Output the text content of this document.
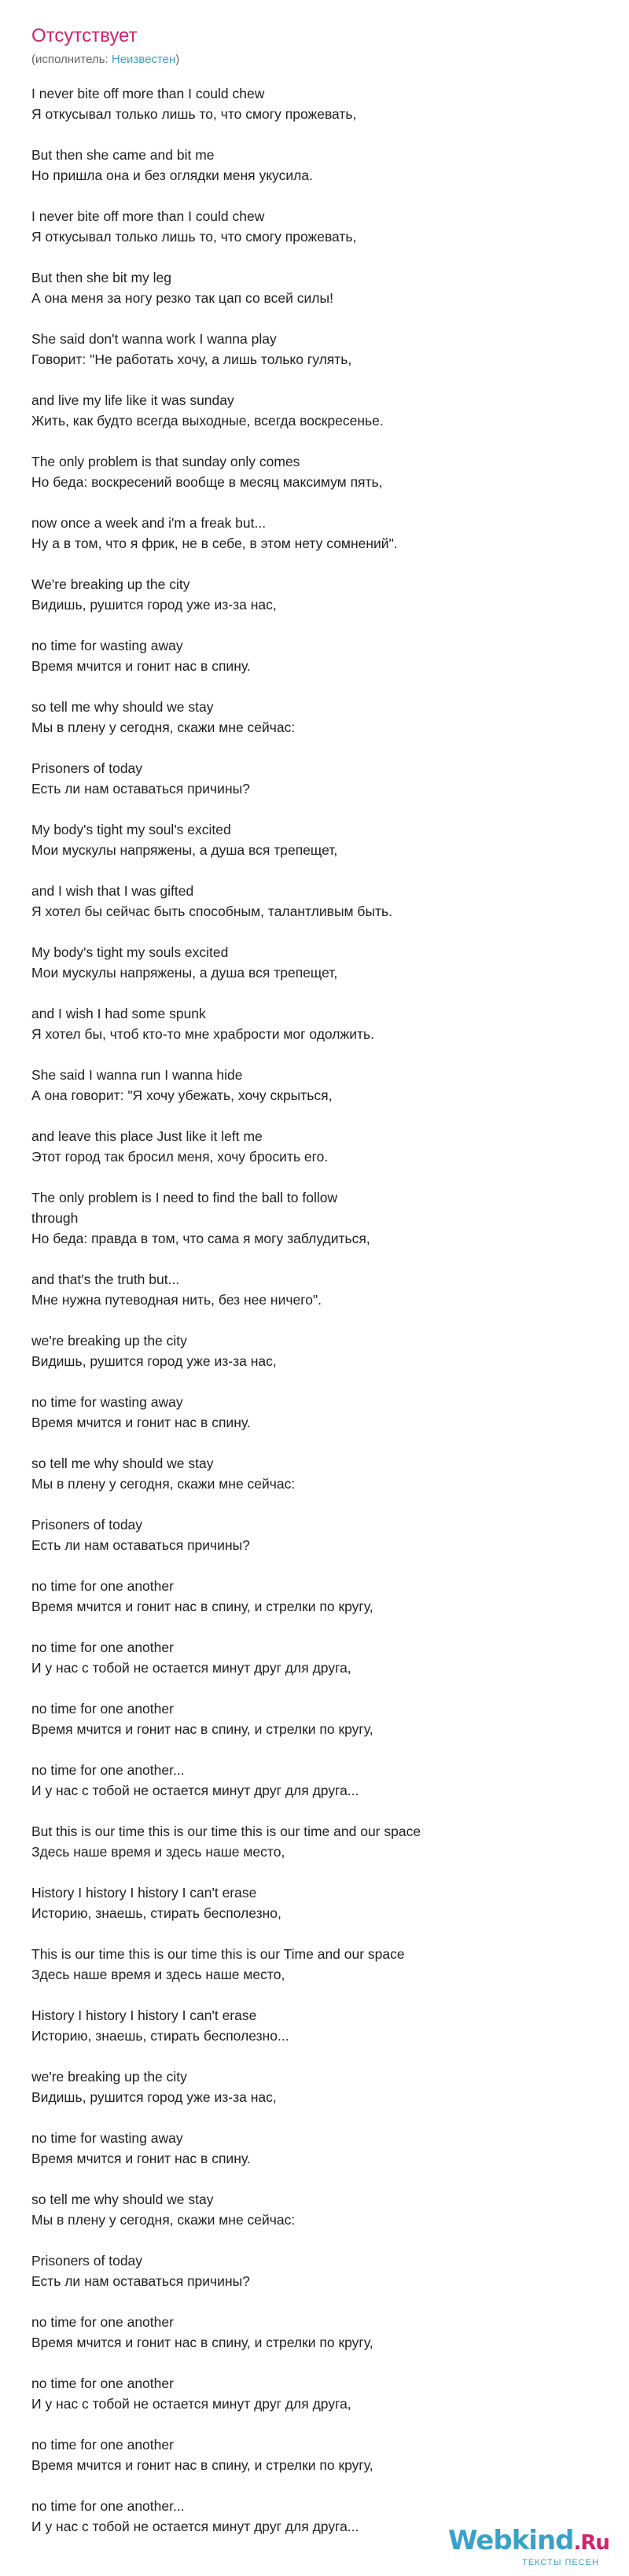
Отсутствует
(исполнитель: Неизвестен)
I never bite off more than I could chew
Я откусывал только лишь то, что смогу прожевать,
But then she came and bit me
Но пришла она и без оглядки меня укусила.
I never bite off more than I could chew
Я откусывал только лишь то, что смогу прожевать,
But then she bit my leg
А она меня за ногу резко так цап со всей силы!
She said don't wanna work I wanna play
Говорит: "Не работать хочу, а лишь только гулять,
and live my life like it was sunday
Жить, как будто всегда выходные, всегда воскресенье.
The only problem is that sunday only comes
Но беда: воскресений вообще в месяц максимум пять,
now once a week and i'm a freak but...
Ну а в том, что я фрик, не в себе, в этом нету сомнений".
We're breaking up the city
Видишь, рушится город уже из-за нас,
no time for wasting away
Время мчится и гонит нас в спину.
so tell me why should we stay
Мы в плену у сегодня, скажи мне сейчас:
Prisoners of today
Есть ли нам оставаться причины?
My body's tight my soul's excited
Мои мускулы напряжены, а душа вся трепещет,
and I wish that I was gifted
Я хотел бы сейчас быть способным, талантливым быть.
My body's tight my souls excited
Мои мускулы напряжены, а душа вся трепещет,
and I wish I had some spunk
Я хотел бы, чтоб кто-то мне храбрости мог одолжить.
She said I wanna run I wanna hide
А она говорит: "Я хочу убежать, хочу скрыться,
and leave this place Just like it left me
Этот город так бросил меня, хочу бросить его.
The only problem is I need to find the ball to follow
through
Но беда: правда в том, что сама я могу заблудиться,
and that's the truth but...
Мне нужна путеводная нить, без нее ничего".
we're breaking up the city
Видишь, рушится город уже из-за нас,
no time for wasting away
Время мчится и гонит нас в спину.
so tell me why should we stay
Мы в плену у сегодня, скажи мне сейчас:
Prisoners of today
Есть ли нам оставаться причины?
no time for one another
Время мчится и гонит нас в спину, и стрелки по кругу,
no time for one another
И у нас с тобой не остается минут друг для друга,
no time for one another
Время мчится и гонит нас в спину, и стрелки по кругу,
no time for one another...
И у нас с тобой не остается минут друг для друга...
But this is our time this is our time this is our time and our space
Здесь наше время и здесь наше место,
History I history I history I can't erase
Историю, знаешь, стирать бесполезно,
This is our time this is our time this is our Time and our space
Здесь наше время и здесь наше место,
History I history I history I can't erase
Историю, знаешь, стирать бесполезно...
we're breaking up the city
Видишь, рушится город уже из-за нас,
no time for wasting away
Время мчится и гонит нас в спину.
so tell me why should we stay
Мы в плену у сегодня, скажи мне сейчас:
Prisoners of today
Есть ли нам оставаться причины?
no time for one another
Время мчится и гонит нас в спину, и стрелки по кругу,
no time for one another
И у нас с тобой не остается минут друг для друга,
no time for one another
Время мчится и гонит нас в спину, и стрелки по кругу,
no time for one another...
И у нас с тобой не остается минут друг для друга...	Webkind.Ru
ТЕКСТЫ ПЕСЕН
